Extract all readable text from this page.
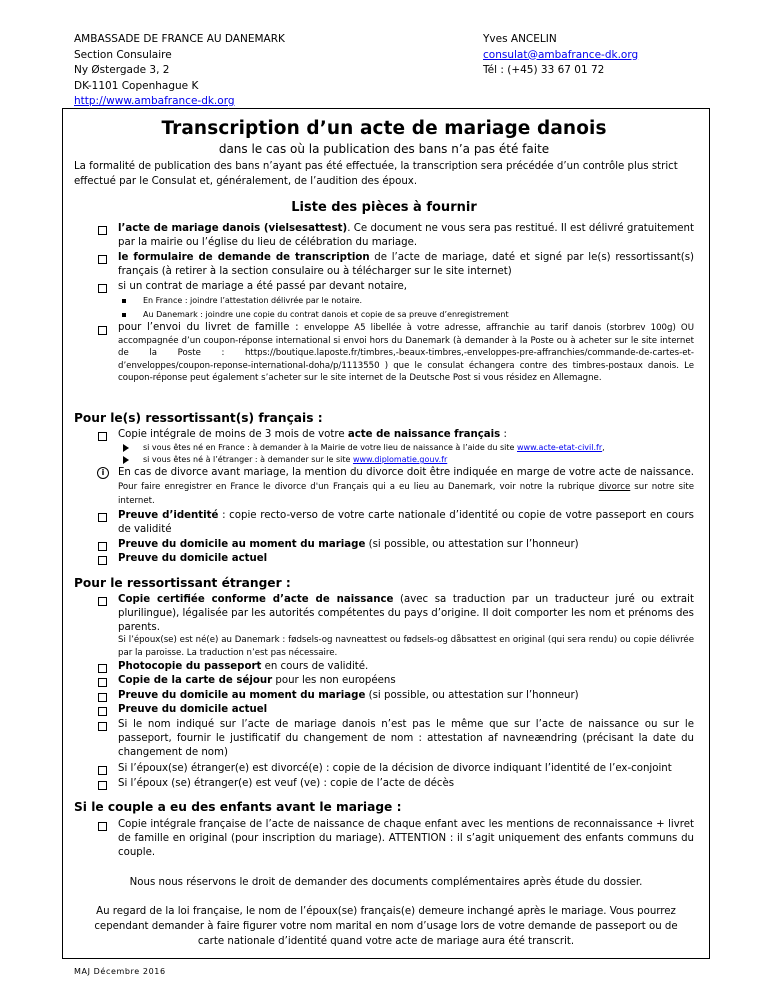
AMBASSADE DE FRANCE AU DANEMARK
Section Consulaire
Ny Østergade 3, 2
DK-1101 Copenhague K
http://www.ambafrance-dk.org
Yves ANCELIN
consulat@ambafrance-dk.org
Tél : (+45) 33 67 01 72
Transcription d’un acte de mariage danois
dans le cas où la publication des bans n’a pas été faite
La formalité de publication des bans n’ayant pas été effectuée, la transcription sera précédée d’un contrôle plus strict effectué par le Consulat et, généralement, de l’audition des époux.
Liste des pièces à fournir
l’acte de mariage danois (vielsesattest). Ce document ne vous sera pas restitué. Il est délivré gratuitement par la mairie ou l’église du lieu de célébration du mariage.
le formulaire de demande de transcription de l’acte de mariage, daté et signé par le(s) ressortissant(s) français (à retirer à la section consulaire ou à télécharger sur le site internet)
si un contrat de mariage a été passé par devant notaire,
En France : joindre l’attestation délivrée par le notaire.
Au Danemark : joindre une copie du contrat danois et copie de sa preuve d’enregistrement
pour l’envoi du livret de famille : enveloppe A5 libellée à votre adresse, affranchie au tarif danois (storbrev 100g) OU accompagnée d’un coupon-réponse international si envoi hors du Danemark (à demander à la Poste ou à acheter sur le site internet de la Poste : https://boutique.laposte.fr/timbres,-beaux-timbres,-enveloppes-pre-affranchies/commande-de-cartes-et-d’enveloppes/coupon-reponse-international-doha/p/1113550 ) que le consulat échangera contre des timbres-postaux danois. Le coupon-réponse peut également s’acheter sur le site internet de la Deutsche Post si vous résidez en Allemagne.
Pour le(s) ressortissant(s) français :
Copie intégrale de moins de 3 mois de votre acte de naissance français :
si vous êtes né en France : à demander à la Mairie de votre lieu de naissance à l’aide du site www.acte-etat-civil.fr,
si vous êtes né à l’étranger : à demander sur le site www.diplomatie.gouv.fr
i	En cas de divorce avant mariage, la mention du divorce doit être indiquée en marge de votre acte de naissance. Pour faire enregistrer en France le divorce d'un Français qui a eu lieu au Danemark, voir notre la rubrique divorce sur notre site internet.
Preuve d’identité : copie recto-verso de votre carte nationale d’identité ou copie de votre passeport en cours de validité
Preuve du domicile au moment du mariage (si possible, ou attestation sur l’honneur)
Preuve du domicile actuel
Pour le ressortissant étranger :
Copie certifiée conforme d’acte de naissance (avec sa traduction par un traducteur juré ou extrait plurilingue), légalisée par les autorités compétentes du pays d’origine. Il doit comporter les nom et prénoms des parents.
Si l’époux(se) est né(e) au Danemark : fødsels-og navneattest ou fødsels-og dåbsattest en original (qui sera rendu) ou copie délivrée par la paroisse. La traduction n’est pas nécessaire.
Photocopie du passeport en cours de validité.
Copie de la carte de séjour pour les non européens
Preuve du domicile au moment du mariage (si possible, ou attestation sur l’honneur)
Preuve du domicile actuel
Si le nom indiqué sur l’acte de mariage danois n’est pas le même que sur l’acte de naissance ou sur le passeport, fournir le justificatif du changement de nom : attestation af navneændring (précisant la date du changement de nom)
Si l’époux(se) étranger(e) est divorcé(e) : copie de la décision de divorce indiquant l’identité de l’ex-conjoint
Si l’époux (se) étranger(e) est veuf (ve) : copie de l’acte de décès
Si le couple a eu des enfants avant le mariage :
Copie intégrale française de l’acte de naissance de chaque enfant avec les mentions de reconnaissance + livret de famille en original (pour inscription du mariage). ATTENTION : il s’agit uniquement des enfants communs du couple.
Nous nous réservons le droit de demander des documents complémentaires après étude du dossier.
Au regard de la loi française, le nom de l’époux(se) français(e) demeure inchangé après le mariage. Vous pourrez cependant demander à faire figurer votre nom marital en nom d’usage lors de votre demande de passeport ou de carte nationale d’identité quand votre acte de mariage aura été transcrit.
MAJ Décembre 2016
